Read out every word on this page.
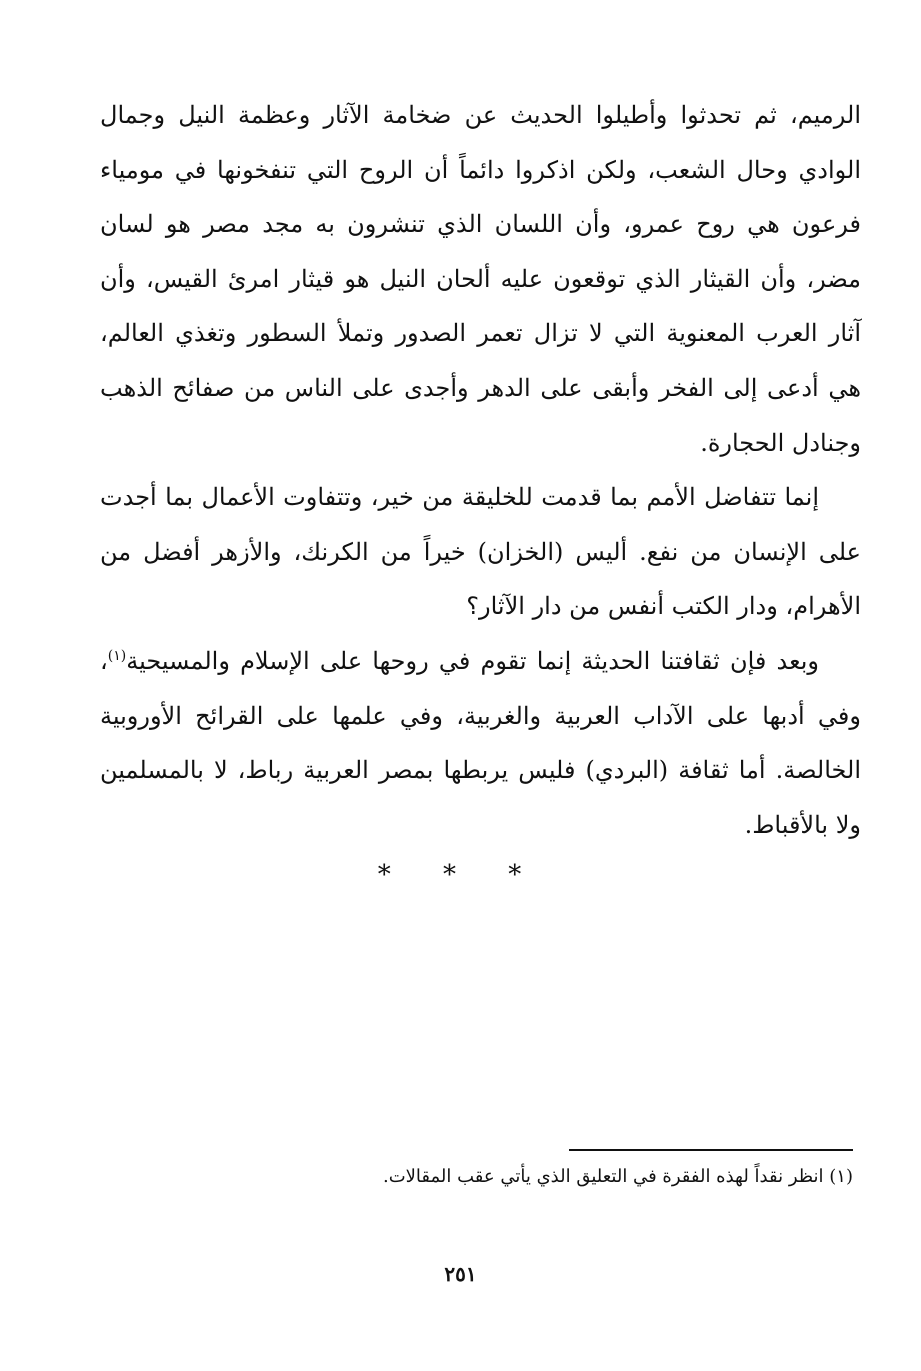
الرميم، ثم تحدثوا وأطيلوا الحديث عن ضخامة الآثار وعظمة النيل وجمال الوادي وحال الشعب، ولكن اذكروا دائماً أن الروح التي تنفخونها في مومياء فرعون هي روح عمرو، وأن اللسان الذي تنشرون به مجد مصر هو لسان مضر، وأن القيثار الذي توقعون عليه ألحان النيل هو قيثار امرئ القيس، وأن آثار العرب المعنوية التي لا تزال تعمر الصدور وتملأ السطور وتغذي العالم، هي أدعى إلى الفخر وأبقى على الدهر وأجدى على الناس من صفائح الذهب وجنادل الحجارة.

إنما تتفاضل الأمم بما قدمت للخليقة من خير، وتتفاوت الأعمال بما أجدت على الإنسان من نفع. أليس (الخزان) خيراً من الكرنك، والأزهر أفضل من الأهرام، ودار الكتب أنفس من دار الآثار؟

وبعد فإن ثقافتنا الحديثة إنما تقوم في روحها على الإسلام والمسيحية$^{(١)}$، وفي أدبها على الآداب العربية والغربية، وفي علمها على القرائح الأوروبية الخالصة. أما ثقافة (البردي) فليس يربطها بمصر العربية رباط، لا بالمسلمين ولا بالأقباط.

* * *
(١) انظر نقداً لهذه الفقرة في التعليق الذي يأتي عقب المقالات.
٢٥١
